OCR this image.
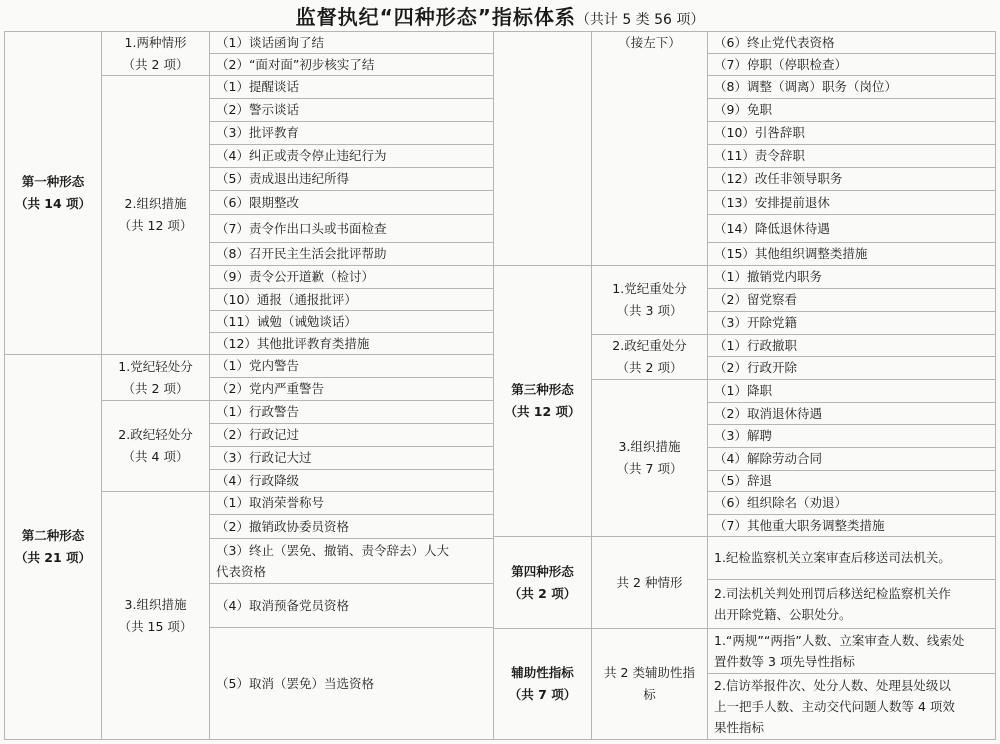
监督执纪“四种形态”指标体系（共计 5 类 56 项）
第一种形态
（共 14 项）
第二种形态
（共 21 项）
1.两种情形
（共 2 项）
2.组织措施
（共 12 项）
1.党纪轻处分
（共 2 项）
2.政纪轻处分
（共 4 项）
3.组织措施
（共 15 项）
（1）谈话函询了结
（2）“面对面”初步核实了结
（1）提醒谈话
（2）警示谈话
（3）批评教育
（4）纠正或责令停止违纪行为
（5）责成退出违纪所得
（6）限期整改
（7）责令作出口头或书面检查
（8）召开民主生活会批评帮助
（9）责令公开道歉（检讨）
（10）通报（通报批评）
（11）诫勉（诫勉谈话）
（12）其他批评教育类措施
（1）党内警告
（2）党内严重警告
（1）行政警告
（2）行政记过
（3）行政记大过
（4）行政降级
（1）取消荣誉称号
（2）撤销政协委员资格
（3）终止（罢免、撤销、责令辞去）人大
代表资格
（4）取消预备党员资格
（5）取消（罢免）当选资格
第三种形态
（共 12 项）
第四种形态
（共 2 项）
辅助性指标
（共 7 项）
（接左下）
1.党纪重处分
（共 3 项）
2.政纪重处分
（共 2 项）
3.组织措施
（共 7 项）
共 2 种情形
共 2 类辅助性指
标
（6）终止党代表资格
（7）停职（停职检查）
（8）调整（调离）职务（岗位）
（9）免职
（10）引咎辞职
（11）责令辞职
（12）改任非领导职务
（13）安排提前退休
（14）降低退休待遇
（15）其他组织调整类措施
（1）撤销党内职务
（2）留党察看
（3）开除党籍
（1）行政撤职
（2）行政开除
（1）降职
（2）取消退休待遇
（3）解聘
（4）解除劳动合同
（5）辞退
（6）组织除名（劝退）
（7）其他重大职务调整类措施
1.纪检监察机关立案审查后移送司法机关。
2.司法机关判处刑罚后移送纪检监察机关作
出开除党籍、公职处分。
1.“两规”“两指”人数、立案审查人数、线索处
置件数等 3 项先导性指标
2.信访举报件次、处分人数、处理县处级以
上一把手人数、主动交代问题人数等 4 项效
果性指标
